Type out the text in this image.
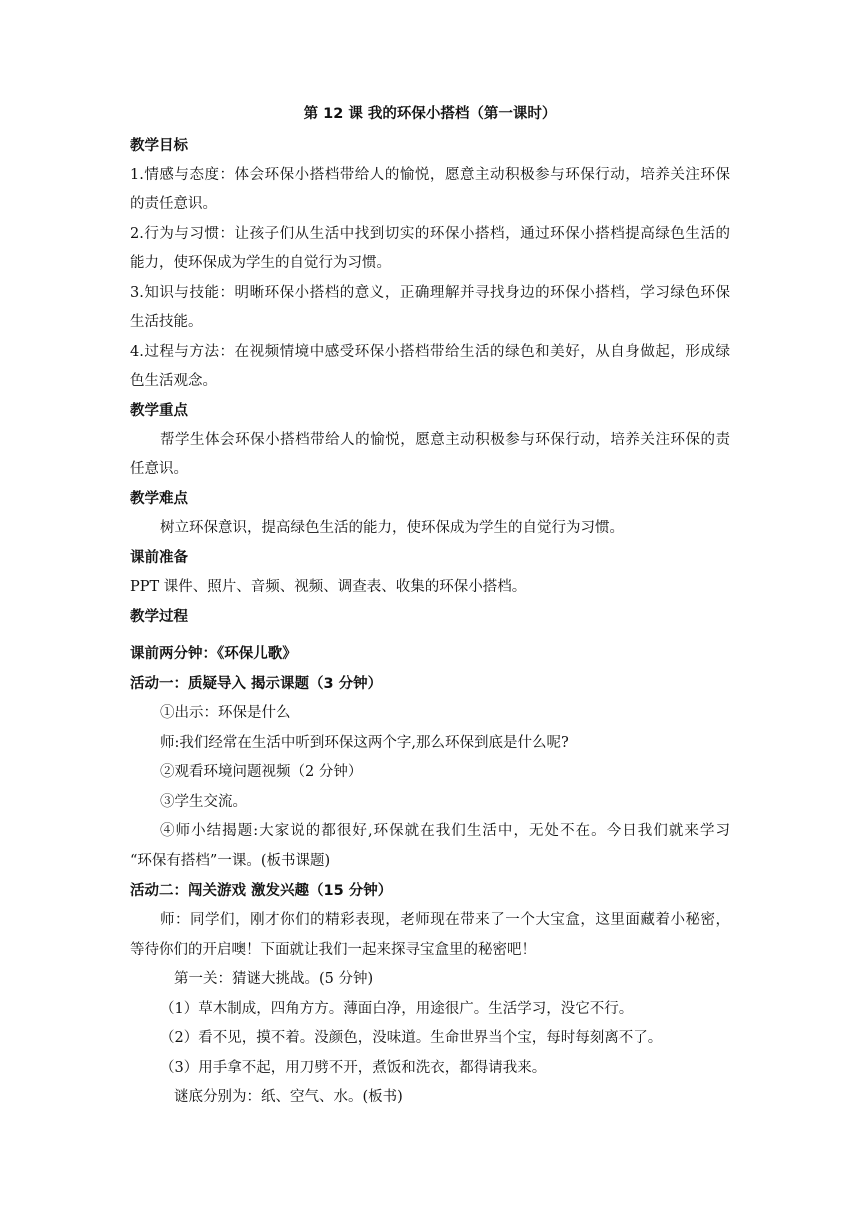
第 12 课 我的环保小搭档（第一课时）
教学目标
1.情感与态度：体会环保小搭档带给人的愉悦，愿意主动积极参与环保行动，培养关注环保
的责任意识。
2.行为与习惯：让孩子们从生活中找到切实的环保小搭档，通过环保小搭档提高绿色生活的
能力，使环保成为学生的自觉行为习惯。
3.知识与技能：明晰环保小搭档的意义，正确理解并寻找身边的环保小搭档，学习绿色环保
生活技能。
4.过程与方法：在视频情境中感受环保小搭档带给生活的绿色和美好，从自身做起，形成绿
色生活观念。
教学重点
帮学生体会环保小搭档带给人的愉悦，愿意主动积极参与环保行动，培养关注环保的责
任意识。
教学难点
树立环保意识，提高绿色生活的能力，使环保成为学生的自觉行为习惯。
课前准备
PPT 课件、照片、音频、视频、调查表、收集的环保小搭档。
教学过程
课前两分钟：《环保儿歌》
活动一：质疑导入 揭示课题（3 分钟）
①出示：环保是什么
师:我们经常在生活中听到环保这两个字,那么环保到底是什么呢?
②观看环境问题视频（2 分钟）
③学生交流。
④师小结揭题:大家说的都很好,环保就在我们生活中，无处不在。今日我们就来学习
“环保有搭档”一课。(板书课题)
活动二：闯关游戏 激发兴趣（15 分钟）
师：同学们，刚才你们的精彩表现，老师现在带来了一个大宝盒，这里面藏着小秘密，
等待你们的开启噢！下面就让我们一起来探寻宝盒里的秘密吧！
第一关：猜谜大挑战。(5 分钟)
（1）草木制成，四角方方。薄面白净，用途很广。生活学习，没它不行。
（2）看不见，摸不着。没颜色，没味道。生命世界当个宝，每时每刻离不了。
（3）用手拿不起，用刀劈不开，煮饭和洗衣，都得请我来。
谜底分别为：纸、空气、水。(板书)
